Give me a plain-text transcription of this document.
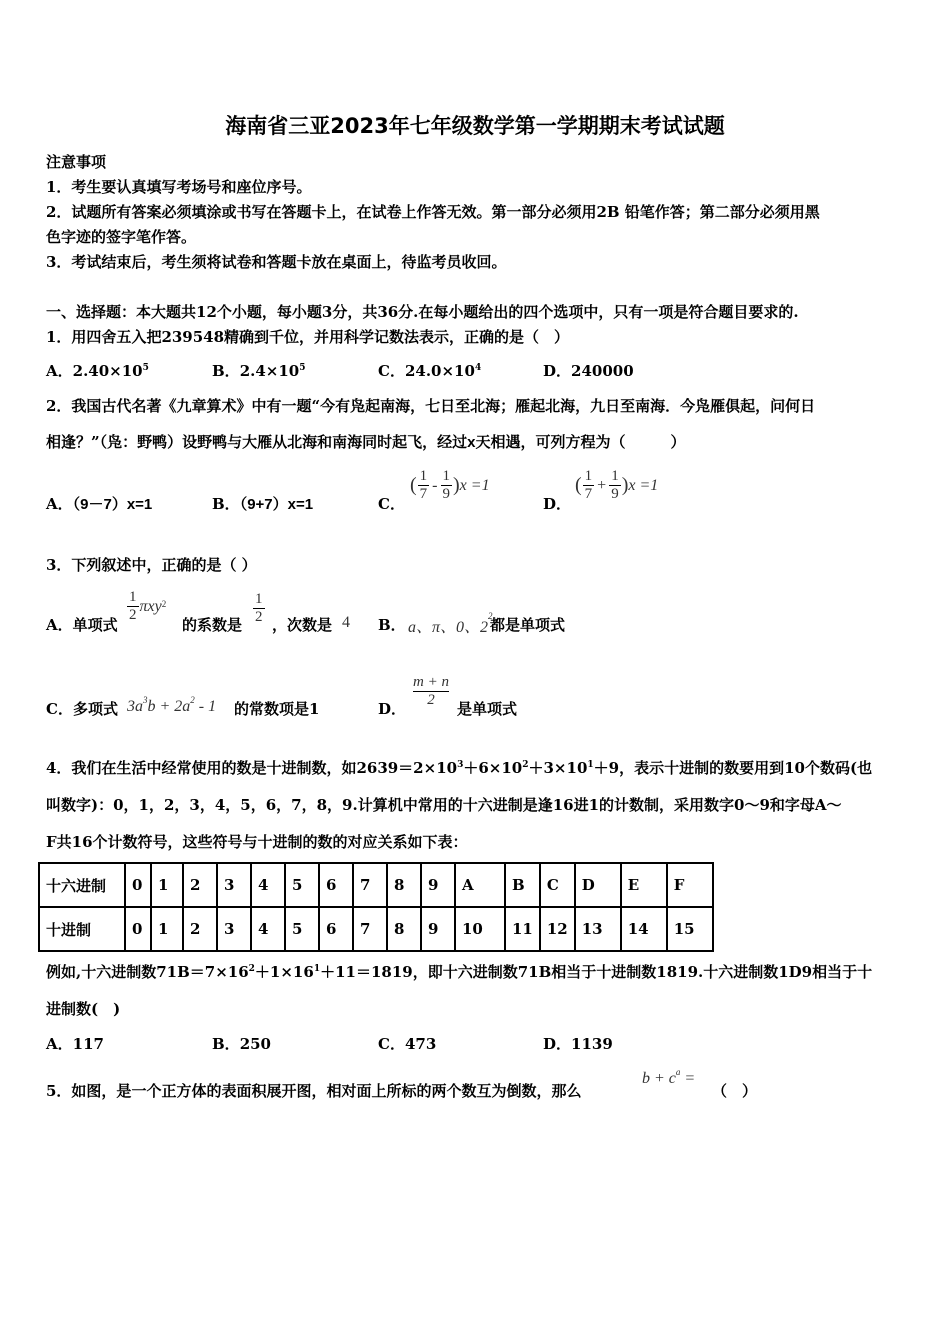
海南省三亚2023年七年级数学第一学期期末考试试题
注意事项
1．考生要认真填写考场号和座位序号。
2．试题所有答案必须填涂或书写在答题卡上，在试卷上作答无效。第一部分必须用2B 铅笔作答；第二部分必须用黑
色字迹的签字笔作答。
3．考试结束后，考生须将试卷和答题卡放在桌面上，待监考员收回。
一、选择题：本大题共12个小题，每小题3分，共36分.在每小题给出的四个选项中，只有一项是符合题目要求的.
1．用四舍五入把239548精确到千位，并用科学记数法表示，正确的是（　）
A．$2.40\times 10^5$	B．$2.4\times 10^5$	C．$24.0\times 10^4$	D．240000
2．我国古代名著《九章算术》中有一题“今有凫起南海，七日至北海；雁起北海，九日至南海．今凫雁俱起，问何日
相逢？”（凫：野鸭）设野鸭与大雁从北海和南海同时起飞，经过x天相遇，可列方程为（　　　）
A．（9－7）x=1	B．（9+7）x=1	C．
( $\frac{1}{7} - \frac{1}{9}$ ) x =1
D．
( $\frac{1}{7} + \frac{1}{9}$ ) x =1
3．下列叙述中，正确的是（ ）
A．单项式
$\frac{1}{2} \pi xy^2$
的系数是 $\frac{1}{2}$ ，次数是 4 B． a、π、0、$2^2$
都是单项式
C．多项式 $3a^3b + 2a^2 - 1$ 的常数项是1	D． $\frac{m + n}{2}$ 是单项式
4．我们在生活中经常使用的数是十进制数，如$2639=2\times 10^3+6\times 10^2+3\times 10^1+9$，表示十进制的数要用到10个数码(也
叫数字)：0，1，2，3，4，5，6，7，8，9.计算机中常用的十六进制是逢16进1的计数制，采用数字0～9和字母A～
F共16个计数符号，这些符号与十进制的数的对应关系如下表：
十六进制	0	1	2	3	4	5	6	7	8	9	A	B	C	D	E	F
十进制	0	1	2	3	4	5	6	7	8	9	10	11	12	13	14	15
例如,十六进制数$71B=7\times 16^2+1\times 16^1+11=1819$，即十六进制数71B相当于十进制数1819.十六进制数1D9相当于十
进制数(　)
A．117	B．250	C．473	D．1139
5．如图，是一个正方体的表面积展开图，相对面上所标的两个数互为倒数，那么
$b + c^a$ =
（　）
